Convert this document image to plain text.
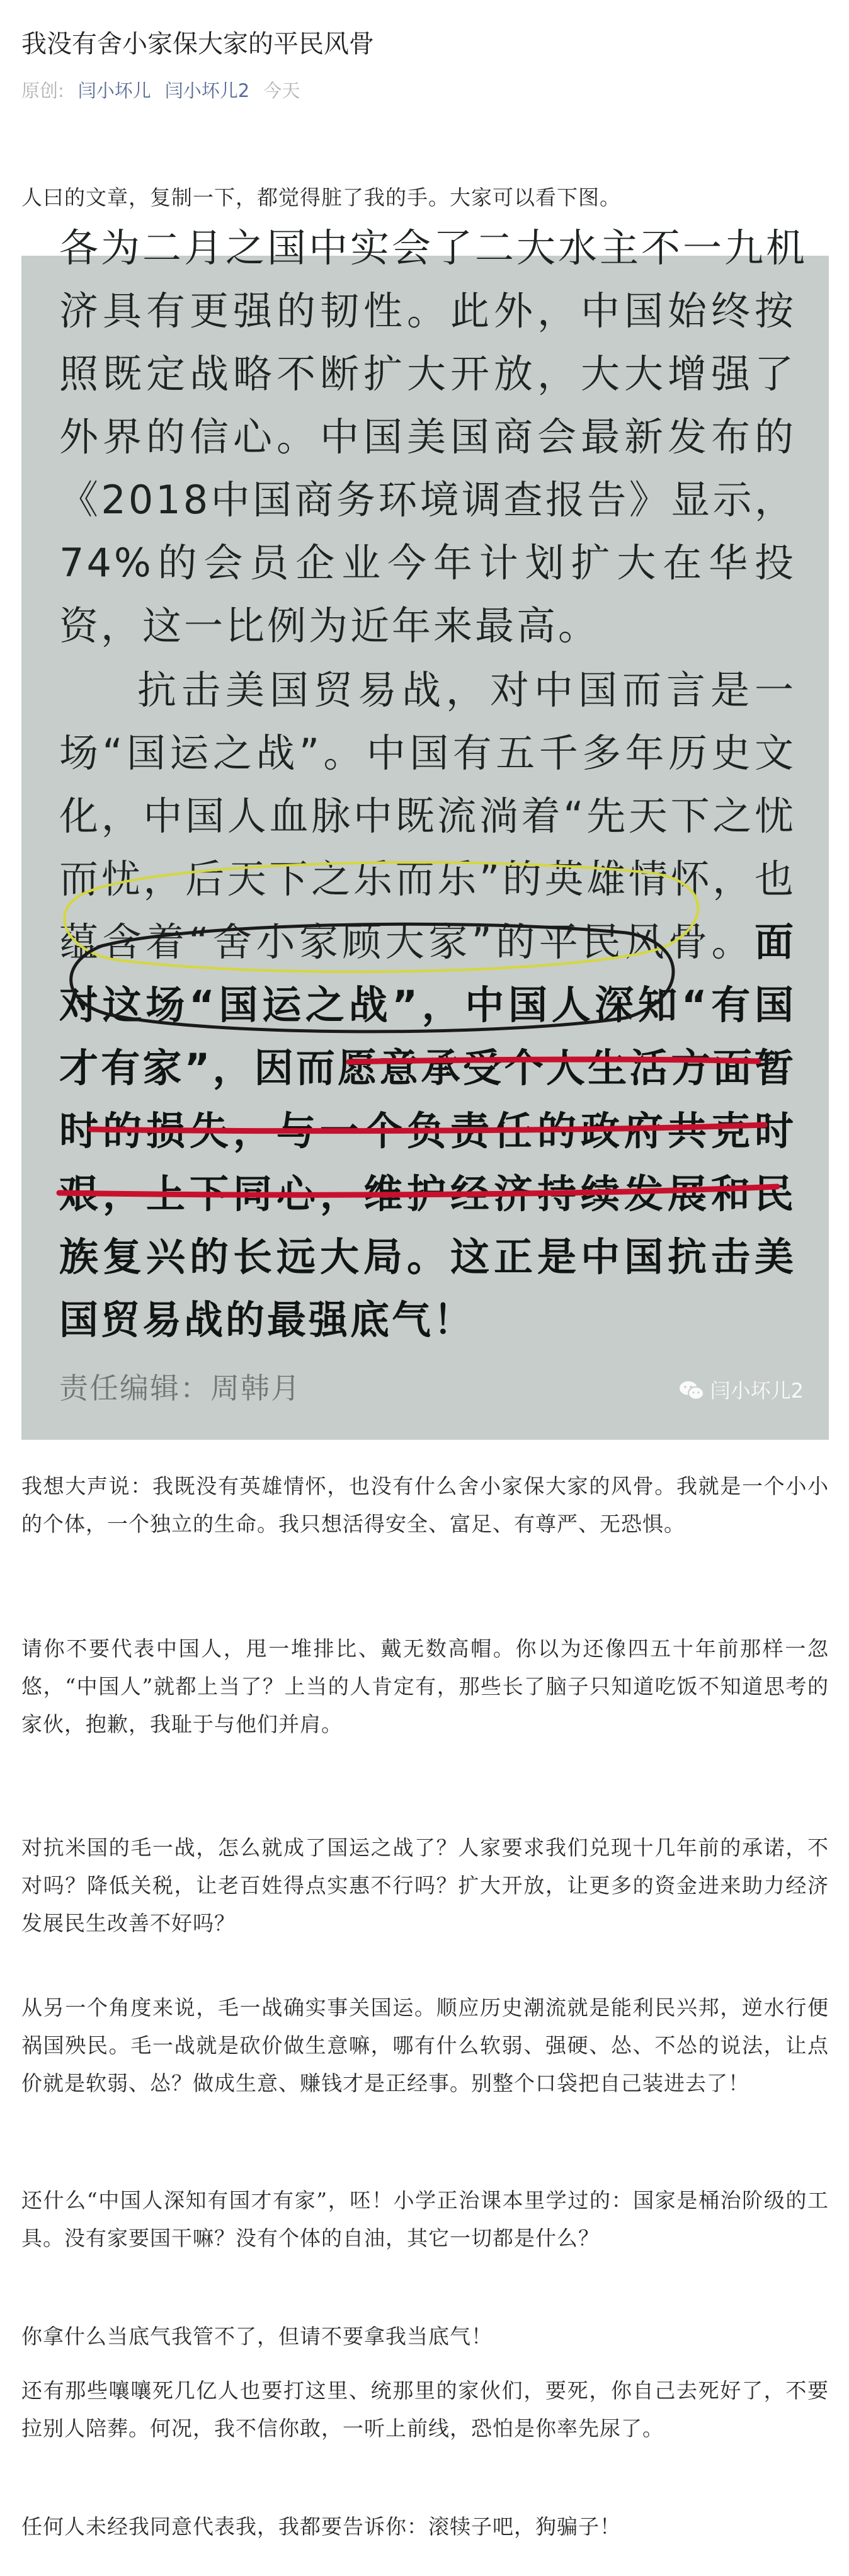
我没有舍小家保大家的平民风骨
原创: 闫小坏儿 闫小坏儿2 今天
人曰的文章，复制一下，都觉得脏了我的手。大家可以看下图。
各为二月之国中实会了二大水主不一九机
济具有更强的韧性。此外，中国始终按照既定战略不断扩大开放，大大增强了外界的信心。中国美国商会最新发布的《2018中国商务环境调查报告》显示，74%的会员企业今年计划扩大在华投资，这一比例为近年来最高。
抗击美国贸易战，对中国而言是一场“国运之战”。中国有五千多年历史文化，中国人血脉中既流淌着“先天下之忧而忧，后天下之乐而乐”的英雄情怀，也蕴含着“舍小家顾大家”的平民风骨。面对这场“国运之战”，中国人深知“有国才有家”，因而愿意承受个人生活方面暂时的损失，与一个负责任的政府共克时艰，上下同心，维护经济持续发展和民族复兴的长远大局。这正是中国抗击美国贸易战的最强底气！
责任编辑：周韩月	闫小坏儿2
我想大声说：我既没有英雄情怀，也没有什么舍小家保大家的风骨。我就是一个小小的个体，一个独立的生命。我只想活得安全、富足、有尊严、无恐惧。
请你不要代表中国人，甩一堆排比、戴无数高帽。你以为还像四五十年前那样一忽悠，“中国人”就都上当了？上当的人肯定有，那些长了脑子只知道吃饭不知道思考的家伙，抱歉，我耻于与他们并肩。
对抗米国的毛一战，怎么就成了国运之战了？人家要求我们兑现十几年前的承诺，不对吗？降低关税，让老百姓得点实惠不行吗？扩大开放，让更多的资金进来助力经济发展民生改善不好吗？
从另一个角度来说，毛一战确实事关国运。顺应历史潮流就是能利民兴邦，逆水行便祸国殃民。毛一战就是砍价做生意嘛，哪有什么软弱、强硬、怂、不怂的说法，让点价就是软弱、怂？做成生意、赚钱才是正经事。别整个口袋把自己装进去了！
还什么“中国人深知有国才有家”，呸！小学正治课本里学过的：国家是桶治阶级的工具。没有家要国干嘛？没有个体的自油，其它一切都是什么？
你拿什么当底气我管不了，但请不要拿我当底气！
还有那些嚷嚷死几亿人也要打这里、统那里的家伙们，要死，你自己去死好了，不要拉别人陪葬。何况，我不信你敢，一听上前线，恐怕是你率先尿了。
任何人未经我同意代表我，我都要告诉你：滚犊子吧，狗骗子！
